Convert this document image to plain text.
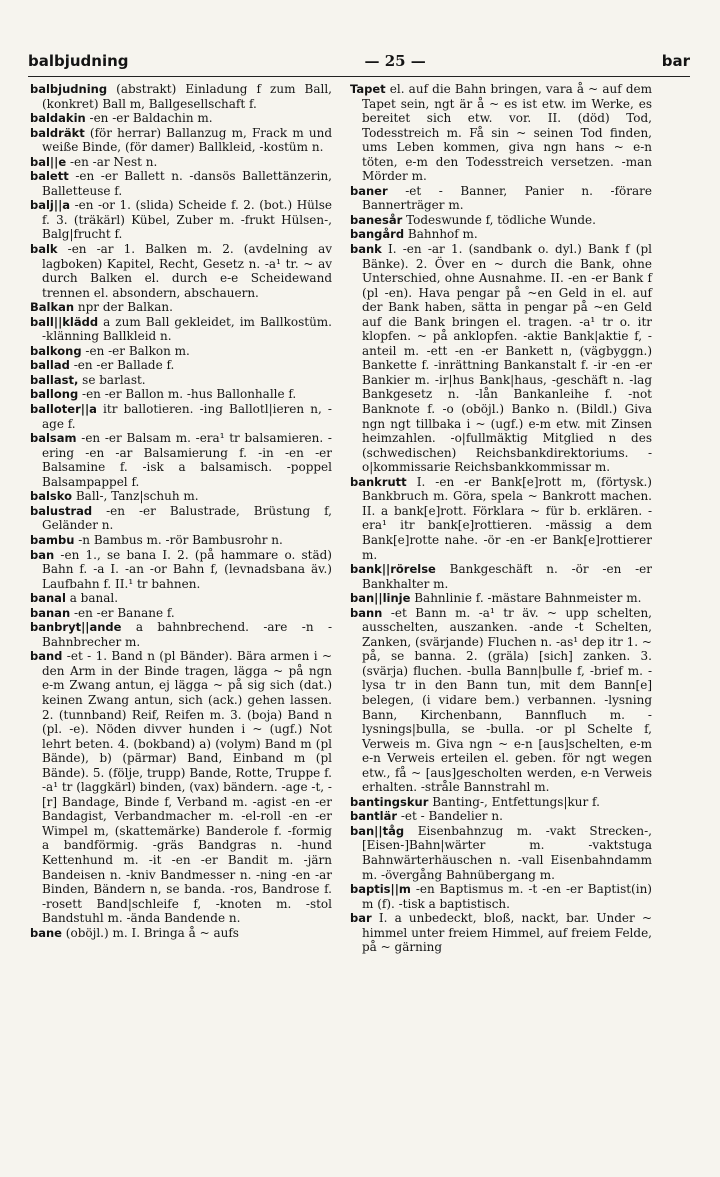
balbjudning	— 25 —	bar
balbjudning (abstrakt) Einladung f zum Ball, (konkret) Ball m, Ballgesellschaft f.
baldakin -en -er Baldachin m.
baldräkt (för herrar) Ballanzug m, Frack m und weiße Binde, (för damer) Ballkleid, -kostüm n.
bal||e -en -ar Nest n.
balett -en -er Ballett n. -dansös Ballettänzerin, Balletteuse f.
balj||a -en -or 1. (slida) Scheide f. 2. (bot.) Hülse f. 3. (träkärl) Kübel, Zuber m. -frukt Hülsen-, Balg|frucht f.
balk -en -ar 1. Balken m. 2. (avdelning av lagboken) Kapitel, Recht, Gesetz n. -a¹ tr. ~ av durch Balken el. durch e-e Scheidewand trennen el. absondern, abschauern.
Balkan npr der Balkan.
ball||klädd a zum Ball gekleidet, im Ballkostüm. -klänning Ballkleid n.
balkong -en -er Balkon m.
ballad -en -er Ballade f.
ballast, se barlast.
ballong -en -er Ballon m. -hus Ballonhalle f.
balloter||a itr ballotieren. -ing Ballotl|ieren n, -age f.
balsam -en -er Balsam m. -era¹ tr balsamieren. -ering -en -ar Balsamierung f. -in -en -er Balsamine f. -isk a balsamisch. -poppel Balsampappel f.
balsko Ball-, Tanz|schuh m.
balustrad -en -er Balustrade, Brüstung f, Geländer n.
bambu -n Bambus m. -rör Bambusrohr n.
ban -en 1., se bana I. 2. (på hammare o. städ) Bahn f. -a I. -an -or Bahn f, (levnadsbana äv.) Laufbahn f. II.¹ tr bahnen.
banal a banal.
banan -en -er Banane f.
banbryt||ande a bahnbrechend. -are -n - Bahnbrecher m.
band -et - 1. Band n (pl Bänder). Bära armen i ~ den Arm in der Binde tragen, lägga ~ på ngn e-m Zwang antun, ej lägga ~ på sig sich (dat.) keinen Zwang antun, sich (ack.) gehen lassen. 2. (tunnband) Reif, Reifen m. 3. (boja) Band n (pl. -e). Nöden divver hunden i ~ (ugf.) Not lehrt beten. 4. (bokband) a) (volym) Band m (pl Bände), b) (pärmar) Band, Einband m (pl Bände). 5. (följe, trupp) Bande, Rotte, Truppe f. -a¹ tr (laggkärl) binden, (vax) bändern. -age -t, -[r] Bandage, Binde f, Verband m. -agist -en -er Bandagist, Verbandmacher m. -el-roll -en -er Wimpel m, (skattemärke) Banderole f. -formig a bandförmig. -gräs Bandgras n. -hund Kettenhund m. -it -en -er Bandit m. -järn Bandeisen n. -kniv Bandmesser n. -ning -en -ar Binden, Bändern n, se banda. -ros, Bandrose f. -rosett Band|schleife f, -knoten m. -stol Bandstuhl m. -ända Bandende n.
bane (oböjl.) m. I. Bringa å ~ aufs
Tapet el. auf die Bahn bringen, vara å ~ auf dem Tapet sein, ngt är å ~ es ist etw. im Werke, es bereitet sich etw. vor. II. (död) Tod, Todesstreich m. Få sin ~ seinen Tod finden, ums Leben kommen, giva ngn hans ~ e-n töten, e-m den Todesstreich versetzen. -man Mörder m.
baner -et - Banner, Panier n. -förare Bannerträger m.
banesår Todeswunde f, tödliche Wunde.
bangård Bahnhof m.
bank I. -en -ar 1. (sandbank o. dyl.) Bank f (pl Bänke). 2. Över en ~ durch die Bank, ohne Unterschied, ohne Ausnahme. II. -en -er Bank f (pl -en). Hava pengar på ~en Geld in el. auf der Bank haben, sätta in pengar på ~en Geld auf die Bank bringen el. tragen. -a¹ tr o. itr klopfen. ~ på anklopfen. -aktie Bank|aktie f, -anteil m. -ett -en -er Bankett n, (vägbyggn.) Bankette f. -inrättning Bankanstalt f. -ir -en -er Bankier m. -ir|hus Bank|haus, -geschäft n. -lag Bankgesetz n. -lån Bankanleihe f. -not Banknote f. -o (oböjl.) Banko n. (Bildl.) Giva ngn ngt tillbaka i ~ (ugf.) e-m etw. mit Zinsen heimzahlen. -o|fullmäktig Mitglied n des (schwedischen) Reichsbankdirektoriums. -o|kommissarie Reichsbankkommissar m.
bankrutt I. -en -er Bank[e]rott m, (förtysk.) Bankbruch m. Göra, spela ~ Bankrott machen. II. a bank[e]rott. Förklara ~ für b. erklären. -era¹ itr bank[e]rottieren. -mässig a dem Bank[e]rotte nahe. -ör -en -er Bank[e]rottierer m.
bank||rörelse Bankgeschäft n. -ör -en -er Bankhalter m.
ban||linje Bahnlinie f. -mästare Bahnmeister m.
bann -et Bann m. -a¹ tr äv. ~ upp schelten, ausschelten, auszanken. -ande -t Schelten, Zanken, (svärjande) Fluchen n. -as¹ dep itr 1. ~ på, se banna. 2. (gräla) [sich] zanken. 3. (svärja) fluchen. -bulla Bann|bulle f, -brief m. -lysa tr in den Bann tun, mit dem Bann[e] belegen, (i vidare bem.) verbannen. -lysning Bann, Kirchenbann, Bannfluch m. -lysnings|bulla, se -bulla. -or pl Schelte f, Verweis m. Giva ngn ~ e-n [aus]schelten, e-m e-n Verweis erteilen el. geben. för ngt wegen etw., få ~ [aus]gescholten werden, e-n Verweis erhalten. -stråle Bannstrahl m.
bantingskur Banting-, Entfettungs|kur f.
bantlär -et - Bandelier n.
ban||tåg Eisenbahnzug m. -vakt Strecken-, [Eisen-]Bahn|wärter m. -vaktstuga Bahnwärterhäuschen n. -vall Eisenbahndamm m. -övergång Bahnübergang m.
baptis||m -en Baptismus m. -t -en -er Baptist(in) m (f). -tisk a baptistisch.
bar I. a unbedeckt, bloß, nackt, bar. Under ~ himmel unter freiem Himmel, auf freiem Felde, på ~ gärning
